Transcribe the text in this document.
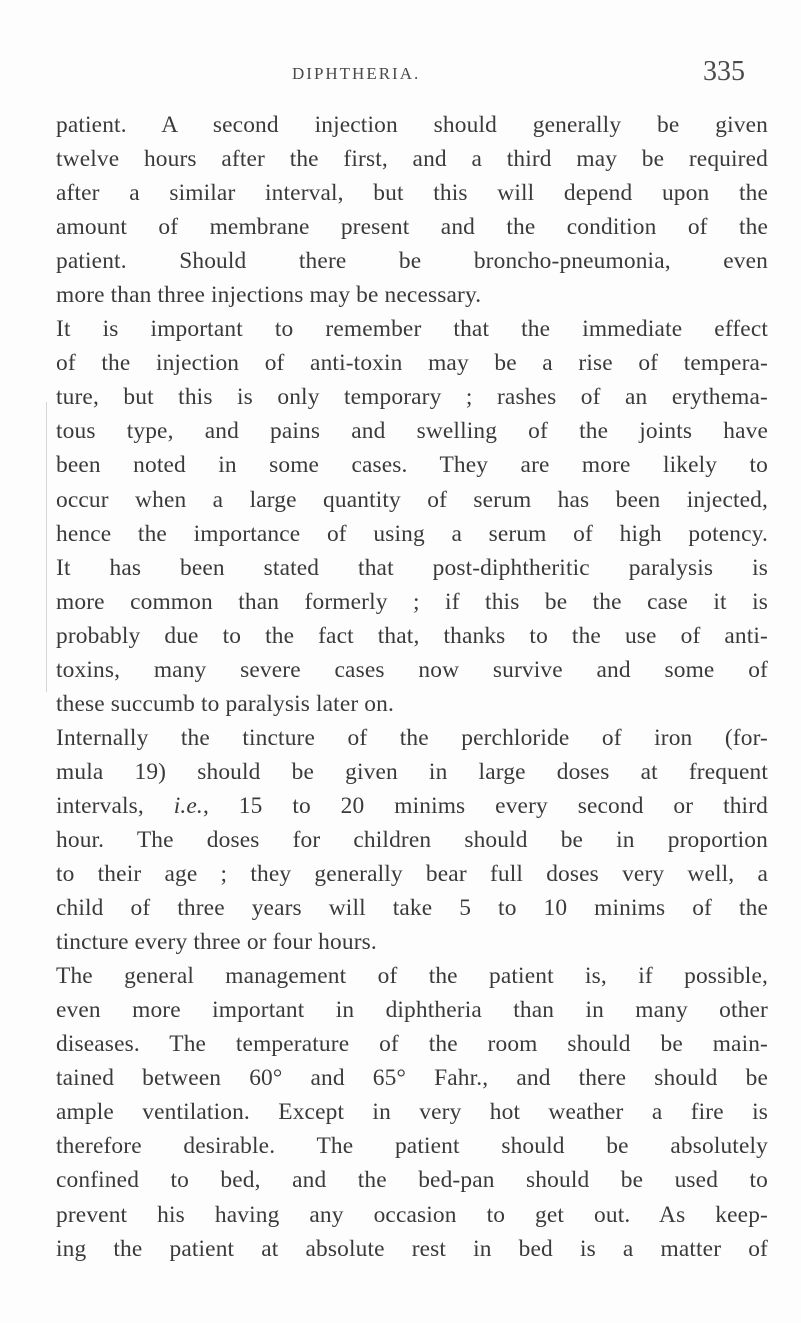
DIPHTHERIA.	335
patient. A second injection should generally be given
twelve hours after the first, and a third may be required
after a similar interval, but this will depend upon the
amount of membrane present and the condition of the
patient. Should there be broncho-pneumonia, even
more than three injections may be necessary.
It is important to remember that the immediate effect
of the injection of anti-toxin may be a rise of tempera-
ture, but this is only temporary ; rashes of an erythema-
tous type, and pains and swelling of the joints have
been noted in some cases. They are more likely to
occur when a large quantity of serum has been injected,
hence the importance of using a serum of high potency.
It has been stated that post-diphtheritic paralysis is
more common than formerly ; if this be the case it is
probably due to the fact that, thanks to the use of anti-
toxins, many severe cases now survive and some of
these succumb to paralysis later on.
Internally the tincture of the perchloride of iron (for-
mula 19) should be given in large doses at frequent
intervals, i.e., 15 to 20 minims every second or third
hour. The doses for children should be in proportion
to their age ; they generally bear full doses very well, a
child of three years will take 5 to 10 minims of the
tincture every three or four hours.
The general management of the patient is, if possible,
even more important in diphtheria than in many other
diseases. The temperature of the room should be main-
tained between 60° and 65° Fahr., and there should be
ample ventilation. Except in very hot weather a fire is
therefore desirable. The patient should be absolutely
confined to bed, and the bed-pan should be used to
prevent his having any occasion to get out. As keep-
ing the patient at absolute rest in bed is a matter of
